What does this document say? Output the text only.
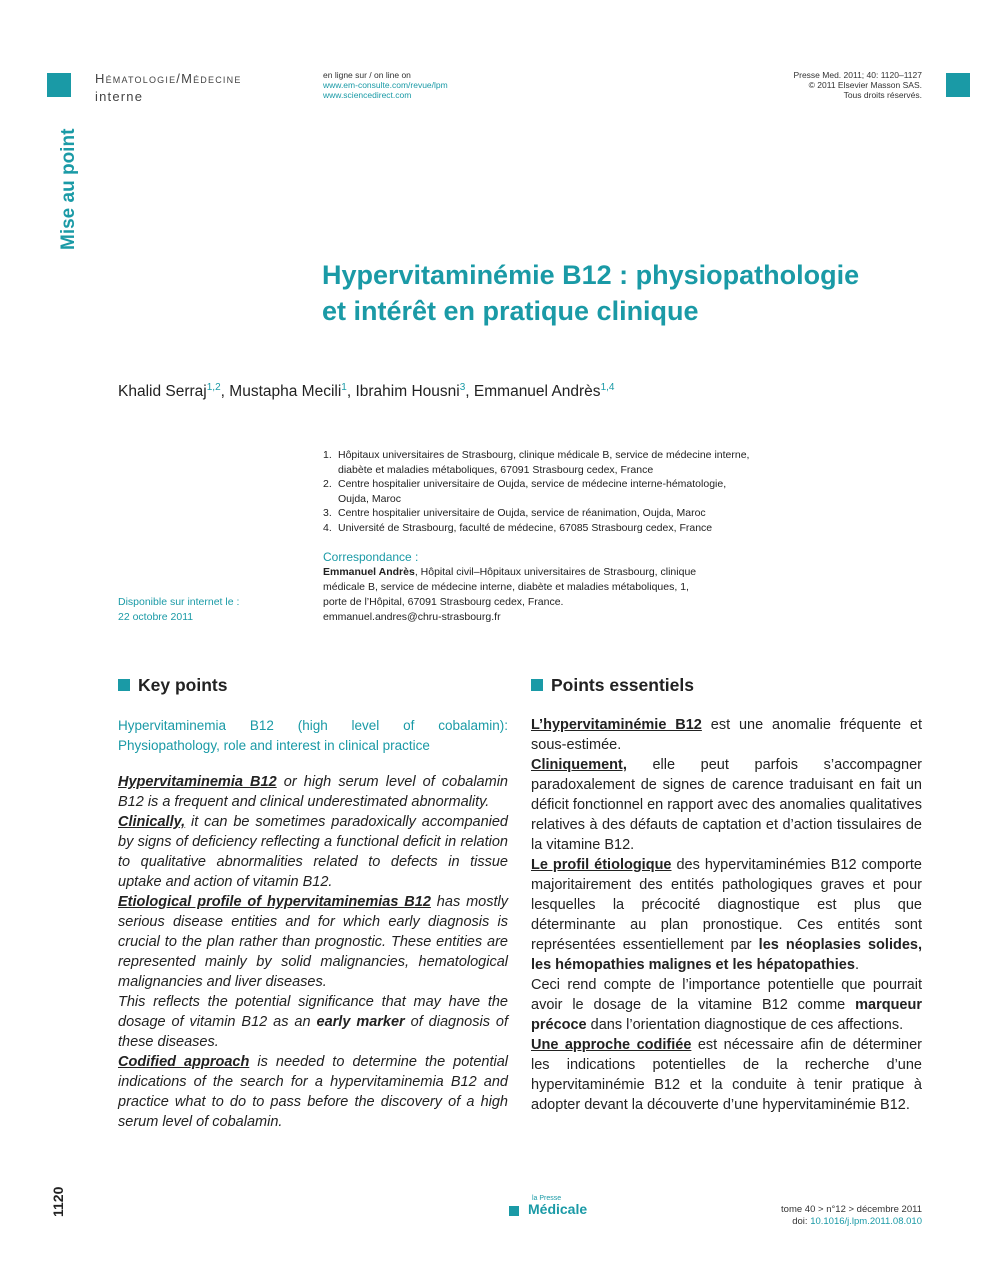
Mise au point
Hématologie/Médecine
interne
en ligne sur / on line on
www.em-consulte.com/revue/lpm
www.sciencedirect.com
Presse Med. 2011; 40: 1120–1127
© 2011 Elsevier Masson SAS.
Tous droits réservés.
Hypervitaminémie B12 : physiopathologie
et intérêt en pratique clinique
Khalid Serraj$^{1,2}$, Mustapha Mecili$^1$, Ibrahim Housni$^3$, Emmanuel Andrès$^{1,4}$
1. Hôpitaux universitaires de Strasbourg, clinique médicale B, service de médecine interne, diabète et maladies métaboliques, 67091 Strasbourg cedex, France
2. Centre hospitalier universitaire de Oujda, service de médecine interne-hématologie, Oujda, Maroc
3. Centre hospitalier universitaire de Oujda, service de réanimation, Oujda, Maroc
4. Université de Strasbourg, faculté de médecine, 67085 Strasbourg cedex, France
Correspondance :
Emmanuel Andrès, Hôpital civil–Hôpitaux universitaires de Strasbourg, clinique
médicale B, service de médecine interne, diabète et maladies métaboliques, 1,
porte de l’Hôpital, 67091 Strasbourg cedex, France.
emmanuel.andres@chru-strasbourg.fr
Disponible sur internet le :
22 octobre 2011
Key points	Points essentiels
Hypervitaminemia B12 (high level of cobalamin): Physiopathology, role and interest in clinical practice

Hypervitaminemia B12 or high serum level of cobalamin B12 is a frequent and clinical underestimated abnormality.

Clinically, it can be sometimes paradoxically accompanied by signs of deficiency reflecting a functional deficit in relation to qualitative abnormalities related to defects in tissue uptake and action of vitamin B12.

Etiological profile of hypervitaminemias B12 has mostly serious disease entities and for which early diagnosis is crucial to the plan rather than prognostic. These entities are represented mainly by solid malignancies, hematological malignancies and liver diseases.

This reflects the potential significance that may have the dosage of vitamin B12 as an early marker of diagnosis of these diseases.

Codified approach is needed to determine the potential indications of the search for a hypervitaminemia B12 and practice what to do to pass before the discovery of a high serum level of cobalamin.

L’hypervitaminémie B12 est une anomalie fréquente et sous-estimée.

Cliniquement, elle peut parfois s’accompagner paradoxalement de signes de carence traduisant en fait un déficit fonctionnel en rapport avec des anomalies qualitatives relatives à des défauts de captation et d’action tissulaires de la vitamine B12.

Le profil étiologique des hypervitaminémies B12 comporte majoritairement des entités pathologiques graves et pour lesquelles la précocité diagnostique est plus que déterminante au plan pronostique. Ces entités sont représentées essentiellement par les néoplasies solides, les hémopathies malignes et les hépatopathies.

Ceci rend compte de l’importance potentielle que pourrait avoir le dosage de la vitamine B12 comme marqueur précoce dans l’orientation diagnostique de ces affections.

Une approche codifiée est nécessaire afin de déterminer les indications potentielles de la recherche d’une hypervitaminémie B12 et la conduite à tenir pratique à adopter devant la découverte d’une hypervitaminémie B12.

1120	la Presse
Médicale	tome 40 > n°12 > décembre 2011
doi: 10.1016/j.lpm.2011.08.010
